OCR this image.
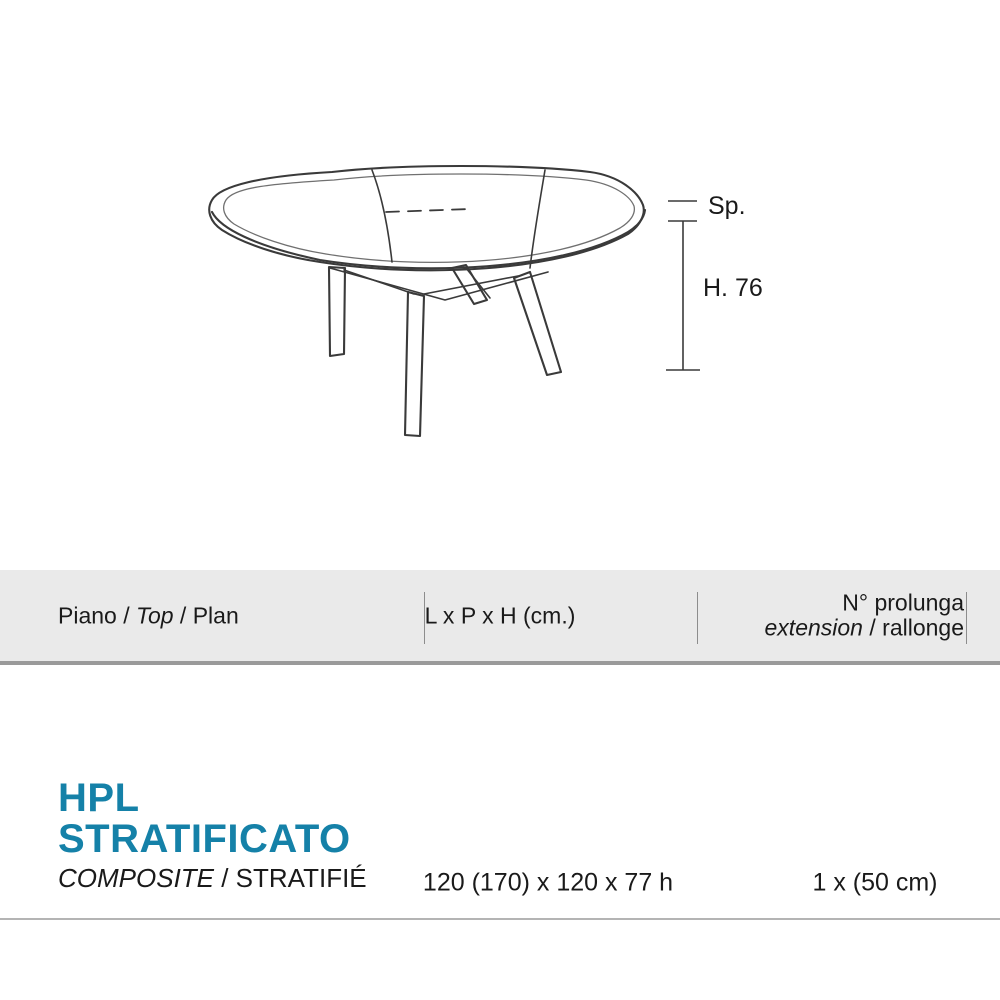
Sp.
H. 76
Piano / Top / Plan	L x P x H (cm.)
N° prolunga
extension / rallonge
HPL
STRATIFICATO
COMPOSITE / STRATIFIÉ 120 (170) x 120 x 77 h	1 x (50 cm)
